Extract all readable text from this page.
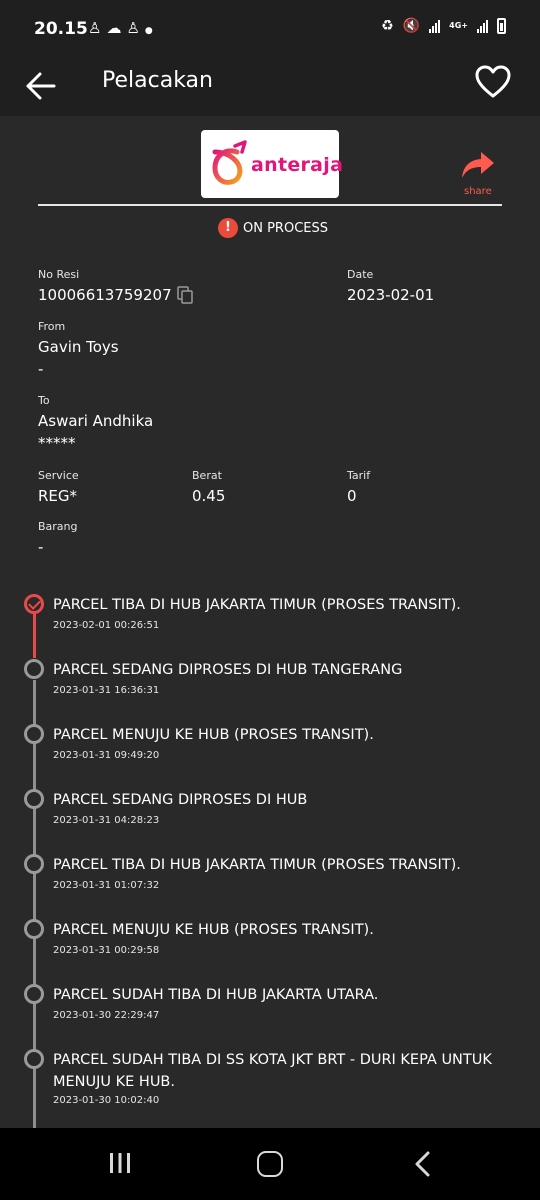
20.15 ♙☁♙●	♻ 🔇	4G+
Pelacakan
anteraja
share
! ON PROCESS
No Resi
10006613759207
Date
2023-02-01
From
Gavin Toys
-
To
Aswari Andhika
*****
Service
REG*
Berat
0.45
Tarif
0
Barang
-
PARCEL TIBA DI HUB JAKARTA TIMUR (PROSES TRANSIT).
2023-02-01 00:26:51
PARCEL SEDANG DIPROSES DI HUB TANGERANG
2023-01-31 16:36:31
PARCEL MENUJU KE HUB (PROSES TRANSIT).
2023-01-31 09:49:20
PARCEL SEDANG DIPROSES DI HUB
2023-01-31 04:28:23
PARCEL TIBA DI HUB JAKARTA TIMUR (PROSES TRANSIT).
2023-01-31 01:07:32
PARCEL MENUJU KE HUB (PROSES TRANSIT).
2023-01-31 00:29:58
PARCEL SUDAH TIBA DI HUB JAKARTA UTARA.
2023-01-30 22:29:47
PARCEL SUDAH TIBA DI SS KOTA JKT BRT - DURI KEPA UNTUK MENUJU KE HUB.
2023-01-30 10:02:40
